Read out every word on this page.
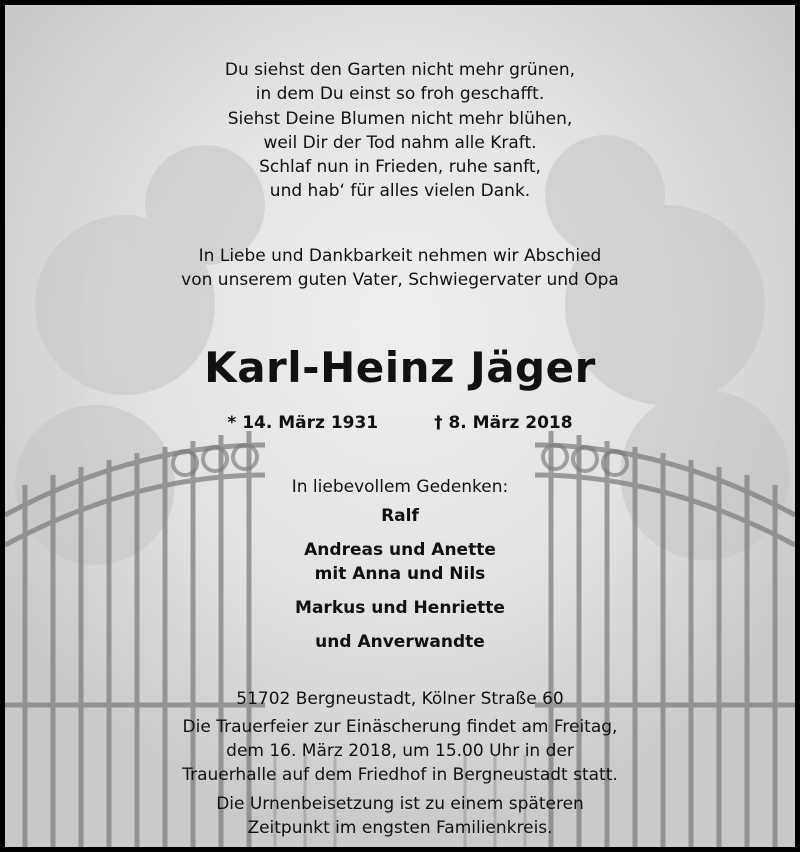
Du siehst den Garten nicht mehr grünen,
in dem Du einst so froh geschafft.
Siehst Deine Blumen nicht mehr blühen,
weil Dir der Tod nahm alle Kraft.
Schlaf nun in Frieden, ruhe sanft,
und hab‘ für alles vielen Dank.
In Liebe und Dankbarkeit nehmen wir Abschied
von unserem guten Vater, Schwiegervater und Opa
Karl-Heinz Jäger
* 14. März 1931	† 8. März 2018
In liebevollem Gedenken:
Ralf
Andreas und Anette
mit Anna und Nils
Markus und Henriette
und Anverwandte
51702 Bergneustadt, Kölner Straße 60
Die Trauerfeier zur Einäscherung findet am Freitag,
dem 16. März 2018, um 15.00 Uhr in der
Trauerhalle auf dem Friedhof in Bergneustadt statt.
Die Urnenbeisetzung ist zu einem späteren
Zeitpunkt im engsten Familienkreis.
